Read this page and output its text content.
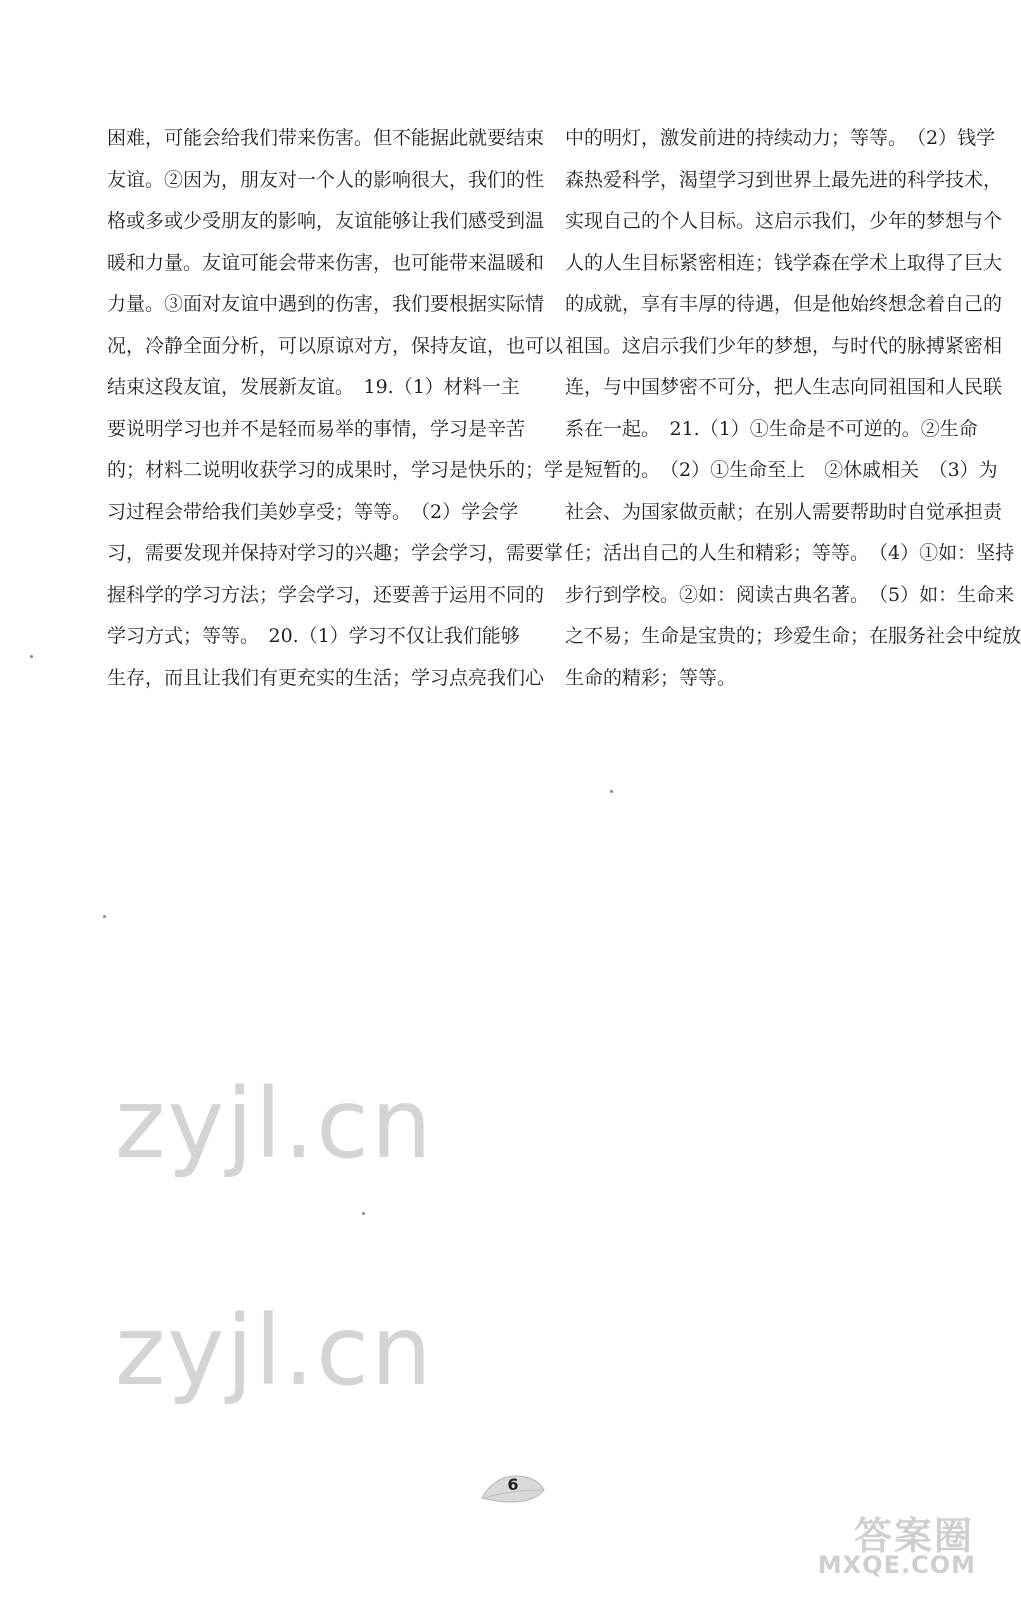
困难，可能会给我们带来伤害。但不能据此就要结束
友谊。②因为，朋友对一个人的影响很大，我们的性
格或多或少受朋友的影响，友谊能够让我们感受到温
暖和力量。友谊可能会带来伤害，也可能带来温暖和
力量。③面对友谊中遇到的伤害，我们要根据实际情
况，冷静全面分析，可以原谅对方，保持友谊，也可以
结束这段友谊，发展新友谊。　19.（1）材料一主
要说明学习也并不是轻而易举的事情，学习是辛苦
的；材料二说明收获学习的成果时，学习是快乐的；学
习过程会带给我们美妙享受；等等。　（2）学会学
习，需要发现并保持对学习的兴趣；学会学习，需要掌
握科学的学习方法；学会学习，还要善于运用不同的
学习方式；等等。　20.（1）学习不仅让我们能够
生存，而且让我们有更充实的生活；学习点亮我们心
中的明灯，激发前进的持续动力；等等。　（2）钱学
森热爱科学，渴望学习到世界上最先进的科学技术，
实现自己的个人目标。这启示我们，少年的梦想与个
人的人生目标紧密相连；钱学森在学术上取得了巨大
的成就，享有丰厚的待遇，但是他始终想念着自己的
祖国。这启示我们少年的梦想，与时代的脉搏紧密相
连，与中国梦密不可分，把人生志向同祖国和人民联
系在一起。　21.（1）①生命是不可逆的。②生命
是短暂的。　（2）①生命至上　②休戚相关　（3）为
社会、为国家做贡献；在别人需要帮助时自觉承担责
任；活出自己的人生和精彩；等等。　（4）①如：坚持
步行到学校。②如：阅读古典名著。　（5）如：生命来
之不易；生命是宝贵的；珍爱生命；在服务社会中绽放
生命的精彩；等等。
zyjl.cn
zyjl.cn
6
答案圈
MXQE.COM
